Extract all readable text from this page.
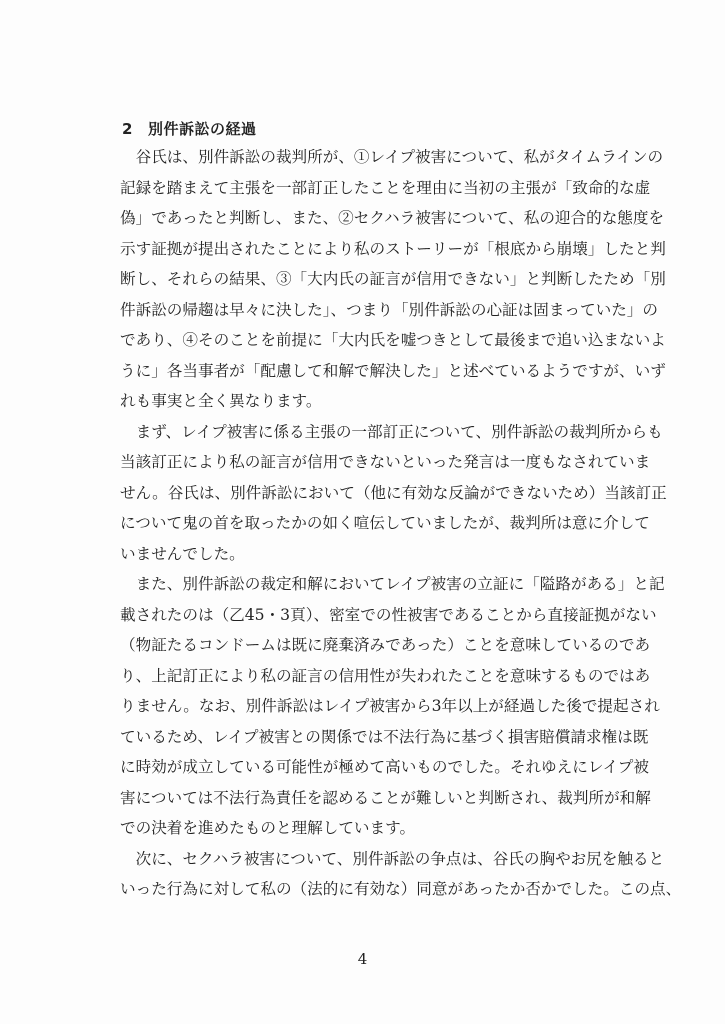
2 別件訴訟の経過
　谷氏は、別件訴訟の裁判所が、①レイプ被害について、私がタイムラインの
記録を踏まえて主張を一部訂正したことを理由に当初の主張が「致命的な虚
偽」であったと判断し、また、②セクハラ被害について、私の迎合的な態度を
示す証拠が提出されたことにより私のストーリーが「根底から崩壊」したと判
断し、それらの結果、③「大内氏の証言が信用できない」と判断したため「別
件訴訟の帰趨は早々に決した」、つまり「別件訴訟の心証は固まっていた」の
であり、④そのことを前提に「大内氏を嘘つきとして最後まで追い込まないよ
うに」各当事者が「配慮して和解で解決した」と述べているようですが、いず
れも事実と全く異なります。
　まず、レイプ被害に係る主張の一部訂正について、別件訴訟の裁判所からも
当該訂正により私の証言が信用できないといった発言は一度もなされていま
せん。谷氏は、別件訴訟において（他に有効な反論ができないため）当該訂正
について鬼の首を取ったかの如く喧伝していましたが、裁判所は意に介して
いませんでした。
　また、別件訴訟の裁定和解においてレイプ被害の立証に「隘路がある」と記
載されたのは（乙45・3頁）、密室での性被害であることから直接証拠がない
（物証たるコンドームは既に廃棄済みであった）ことを意味しているのであ
り、上記訂正により私の証言の信用性が失われたことを意味するものではあ
りません。なお、別件訴訟はレイプ被害から3年以上が経過した後で提起され
ているため、レイプ被害との関係では不法行為に基づく損害賠償請求権は既
に時効が成立している可能性が極めて高いものでした。それゆえにレイプ被
害については不法行為責任を認めることが難しいと判断され、裁判所が和解
での決着を進めたものと理解しています。
　次に、セクハラ被害について、別件訴訟の争点は、谷氏の胸やお尻を触ると
いった行為に対して私の（法的に有効な）同意があったか否かでした。この点、
4
